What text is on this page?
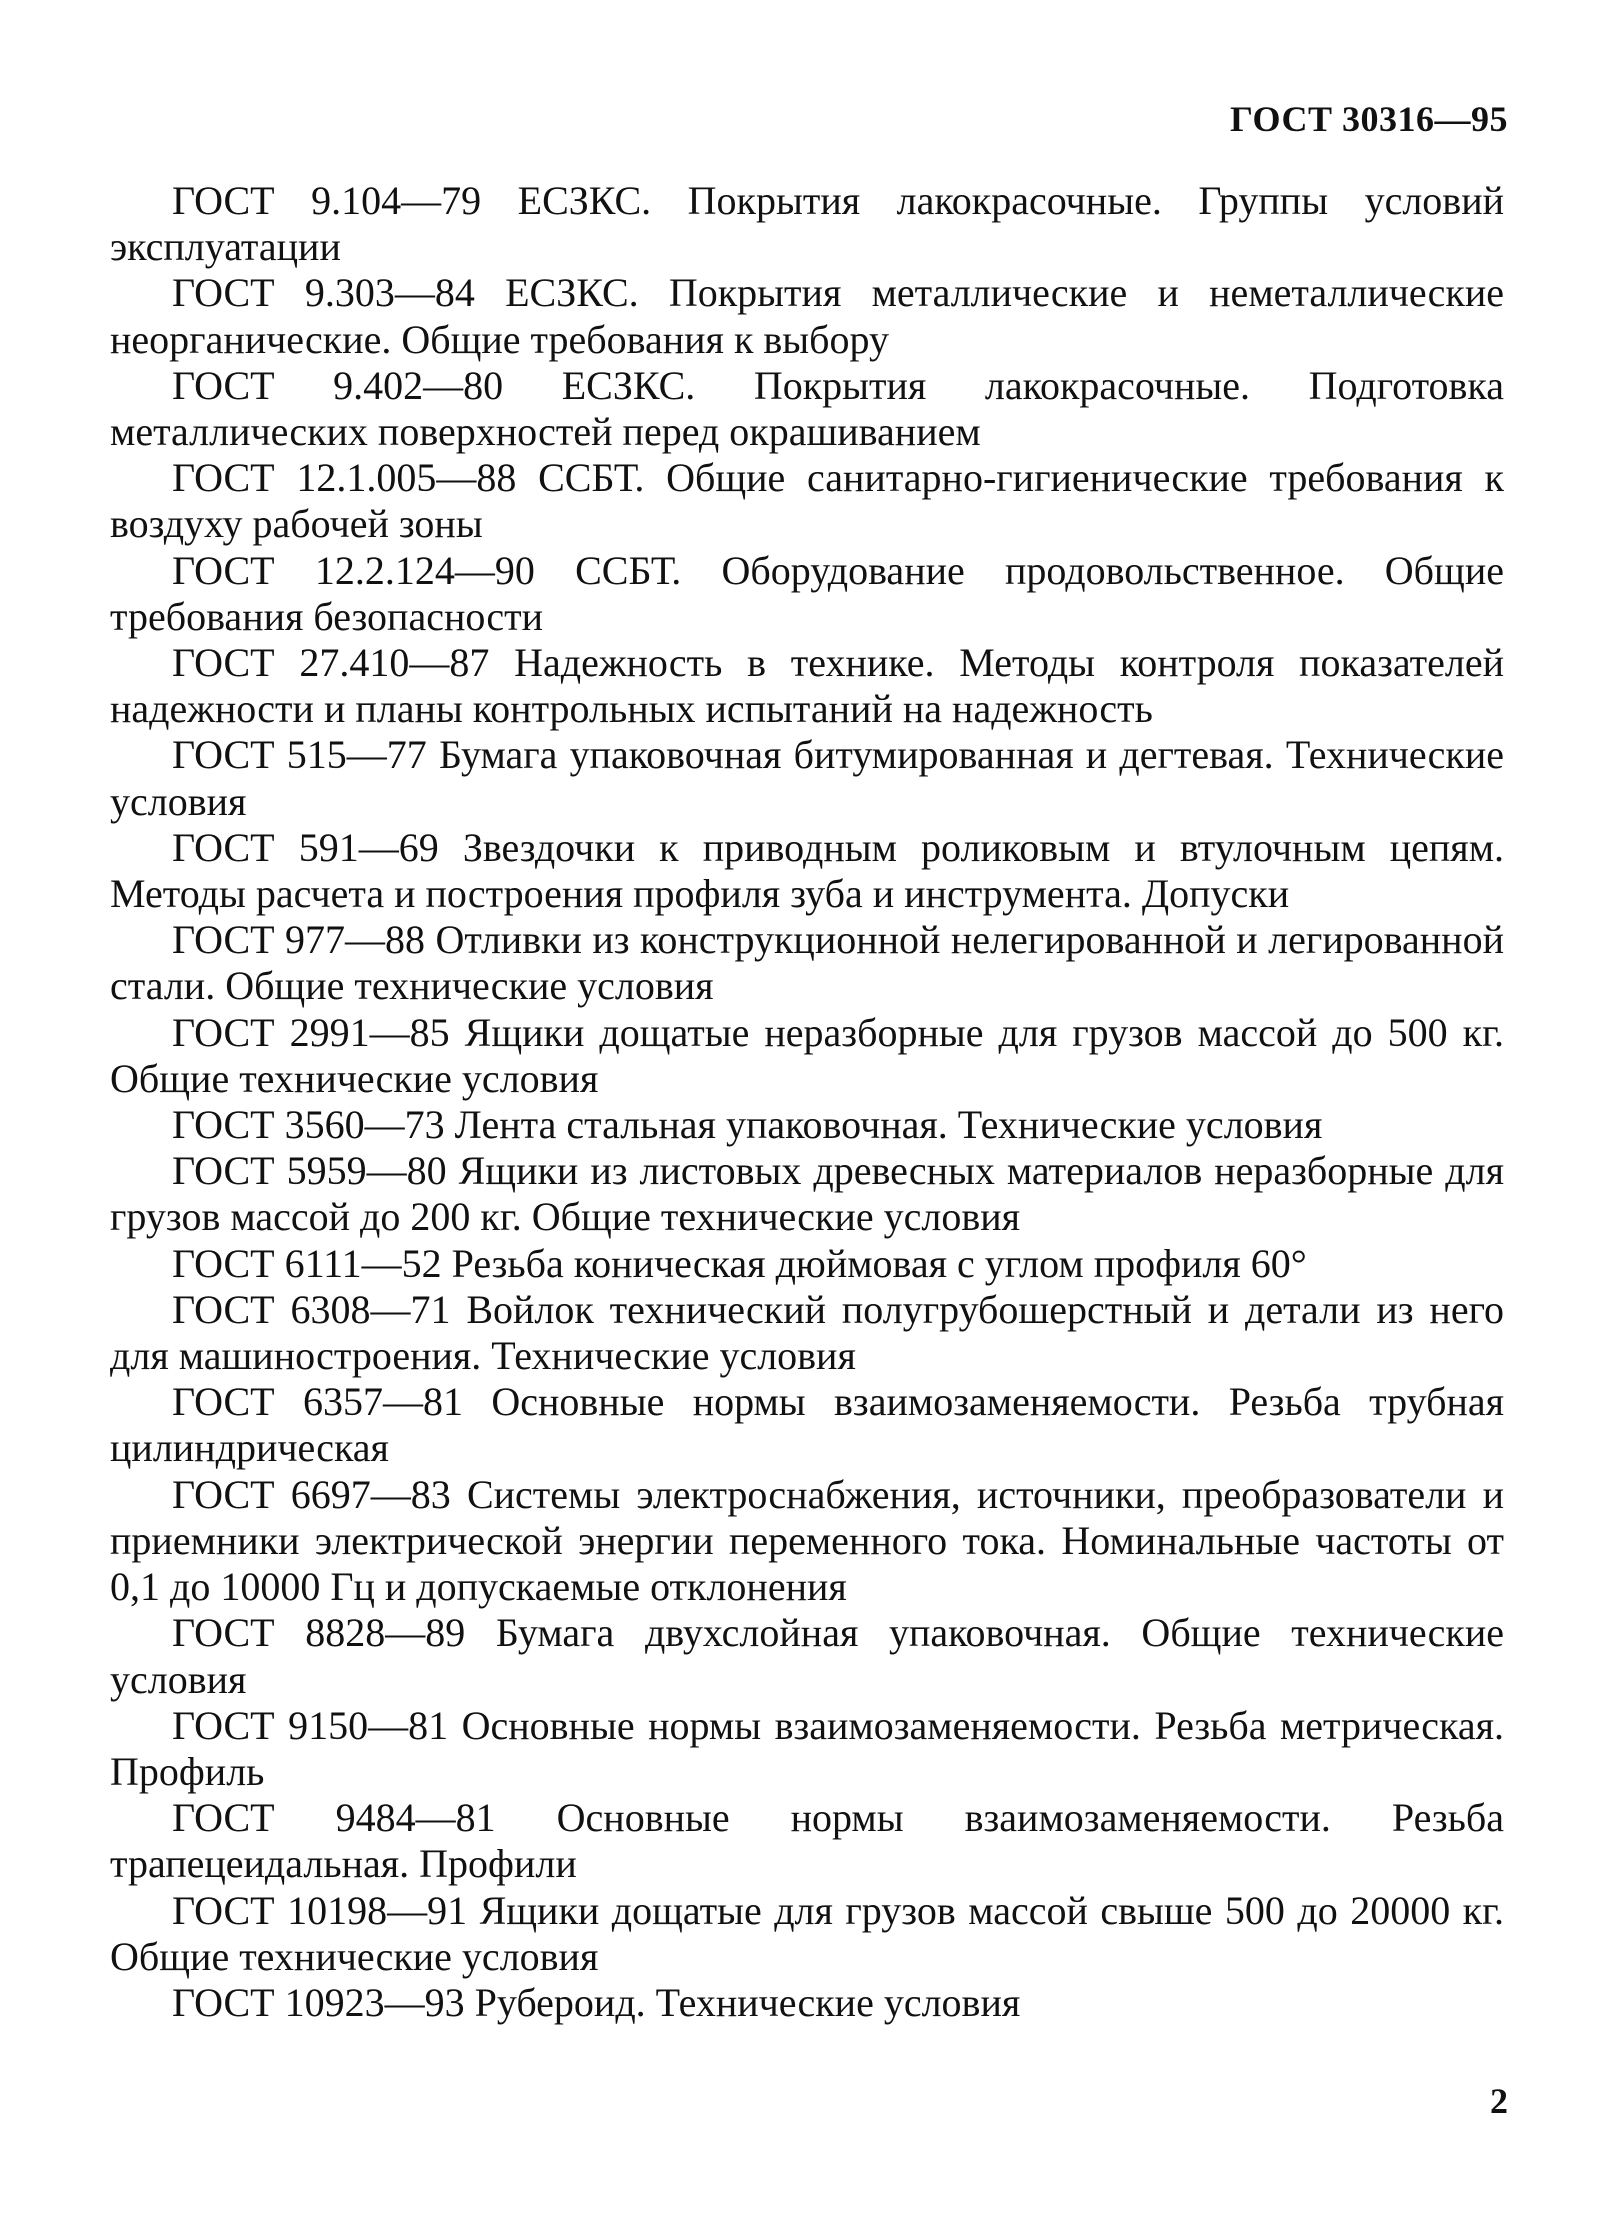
ГОСТ 30316—95

ГОСТ 9.104—79 ЕСЗКС. Покрытия лакокрасочные. Группы условий эксплуатации

ГОСТ 9.303—84 ЕСЗКС. Покрытия металлические и неметаллические неорганические. Общие требования к выбору

ГОСТ 9.402—80 ЕСЗКС. Покрытия лакокрасочные. Подготовка металлических поверхностей перед окрашиванием

ГОСТ 12.1.005—88 ССБТ. Общие санитарно-гигиенические требования к воздуху рабочей зоны

ГОСТ 12.2.124—90 ССБТ. Оборудование продовольственное. Общие требования безопасности

ГОСТ 27.410—87 Надежность в технике. Методы контроля показателей надежности и планы контрольных испытаний на надежность

ГОСТ 515—77 Бумага упаковочная битумированная и дегтевая. Технические условия

ГОСТ 591—69 Звездочки к приводным роликовым и втулочным цепям. Методы расчета и построения профиля зуба и инструмента. Допуски

ГОСТ 977—88 Отливки из конструкционной нелегированной и легированной стали. Общие технические условия

ГОСТ 2991—85 Ящики дощатые неразборные для грузов массой до 500 кг. Общие технические условия

ГОСТ 3560—73 Лента стальная упаковочная. Технические условия

ГОСТ 5959—80 Ящики из листовых древесных материалов неразборные для грузов массой до 200 кг. Общие технические условия

ГОСТ 6111—52 Резьба коническая дюймовая с углом профиля 60°

ГОСТ 6308—71 Войлок технический полугрубошерстный и детали из него для машиностроения. Технические условия

ГОСТ 6357—81 Основные нормы взаимозаменяемости. Резьба трубная цилиндрическая

ГОСТ 6697—83 Системы электроснабжения, источники, преобразователи и приемники электрической энергии переменного тока. Номинальные частоты от 0,1 до 10000 Гц и допускаемые отклонения

ГОСТ 8828—89 Бумага двухслойная упаковочная. Общие технические условия

ГОСТ 9150—81 Основные нормы взаимозаменяемости. Резьба метрическая. Профиль

ГОСТ 9484—81 Основные нормы взаимозаменяемости. Резьба трапецеидальная. Профили

ГОСТ 10198—91 Ящики дощатые для грузов массой свыше 500 до 20000 кг. Общие технические условия

ГОСТ 10923—93 Рубероид. Технические условия

2
